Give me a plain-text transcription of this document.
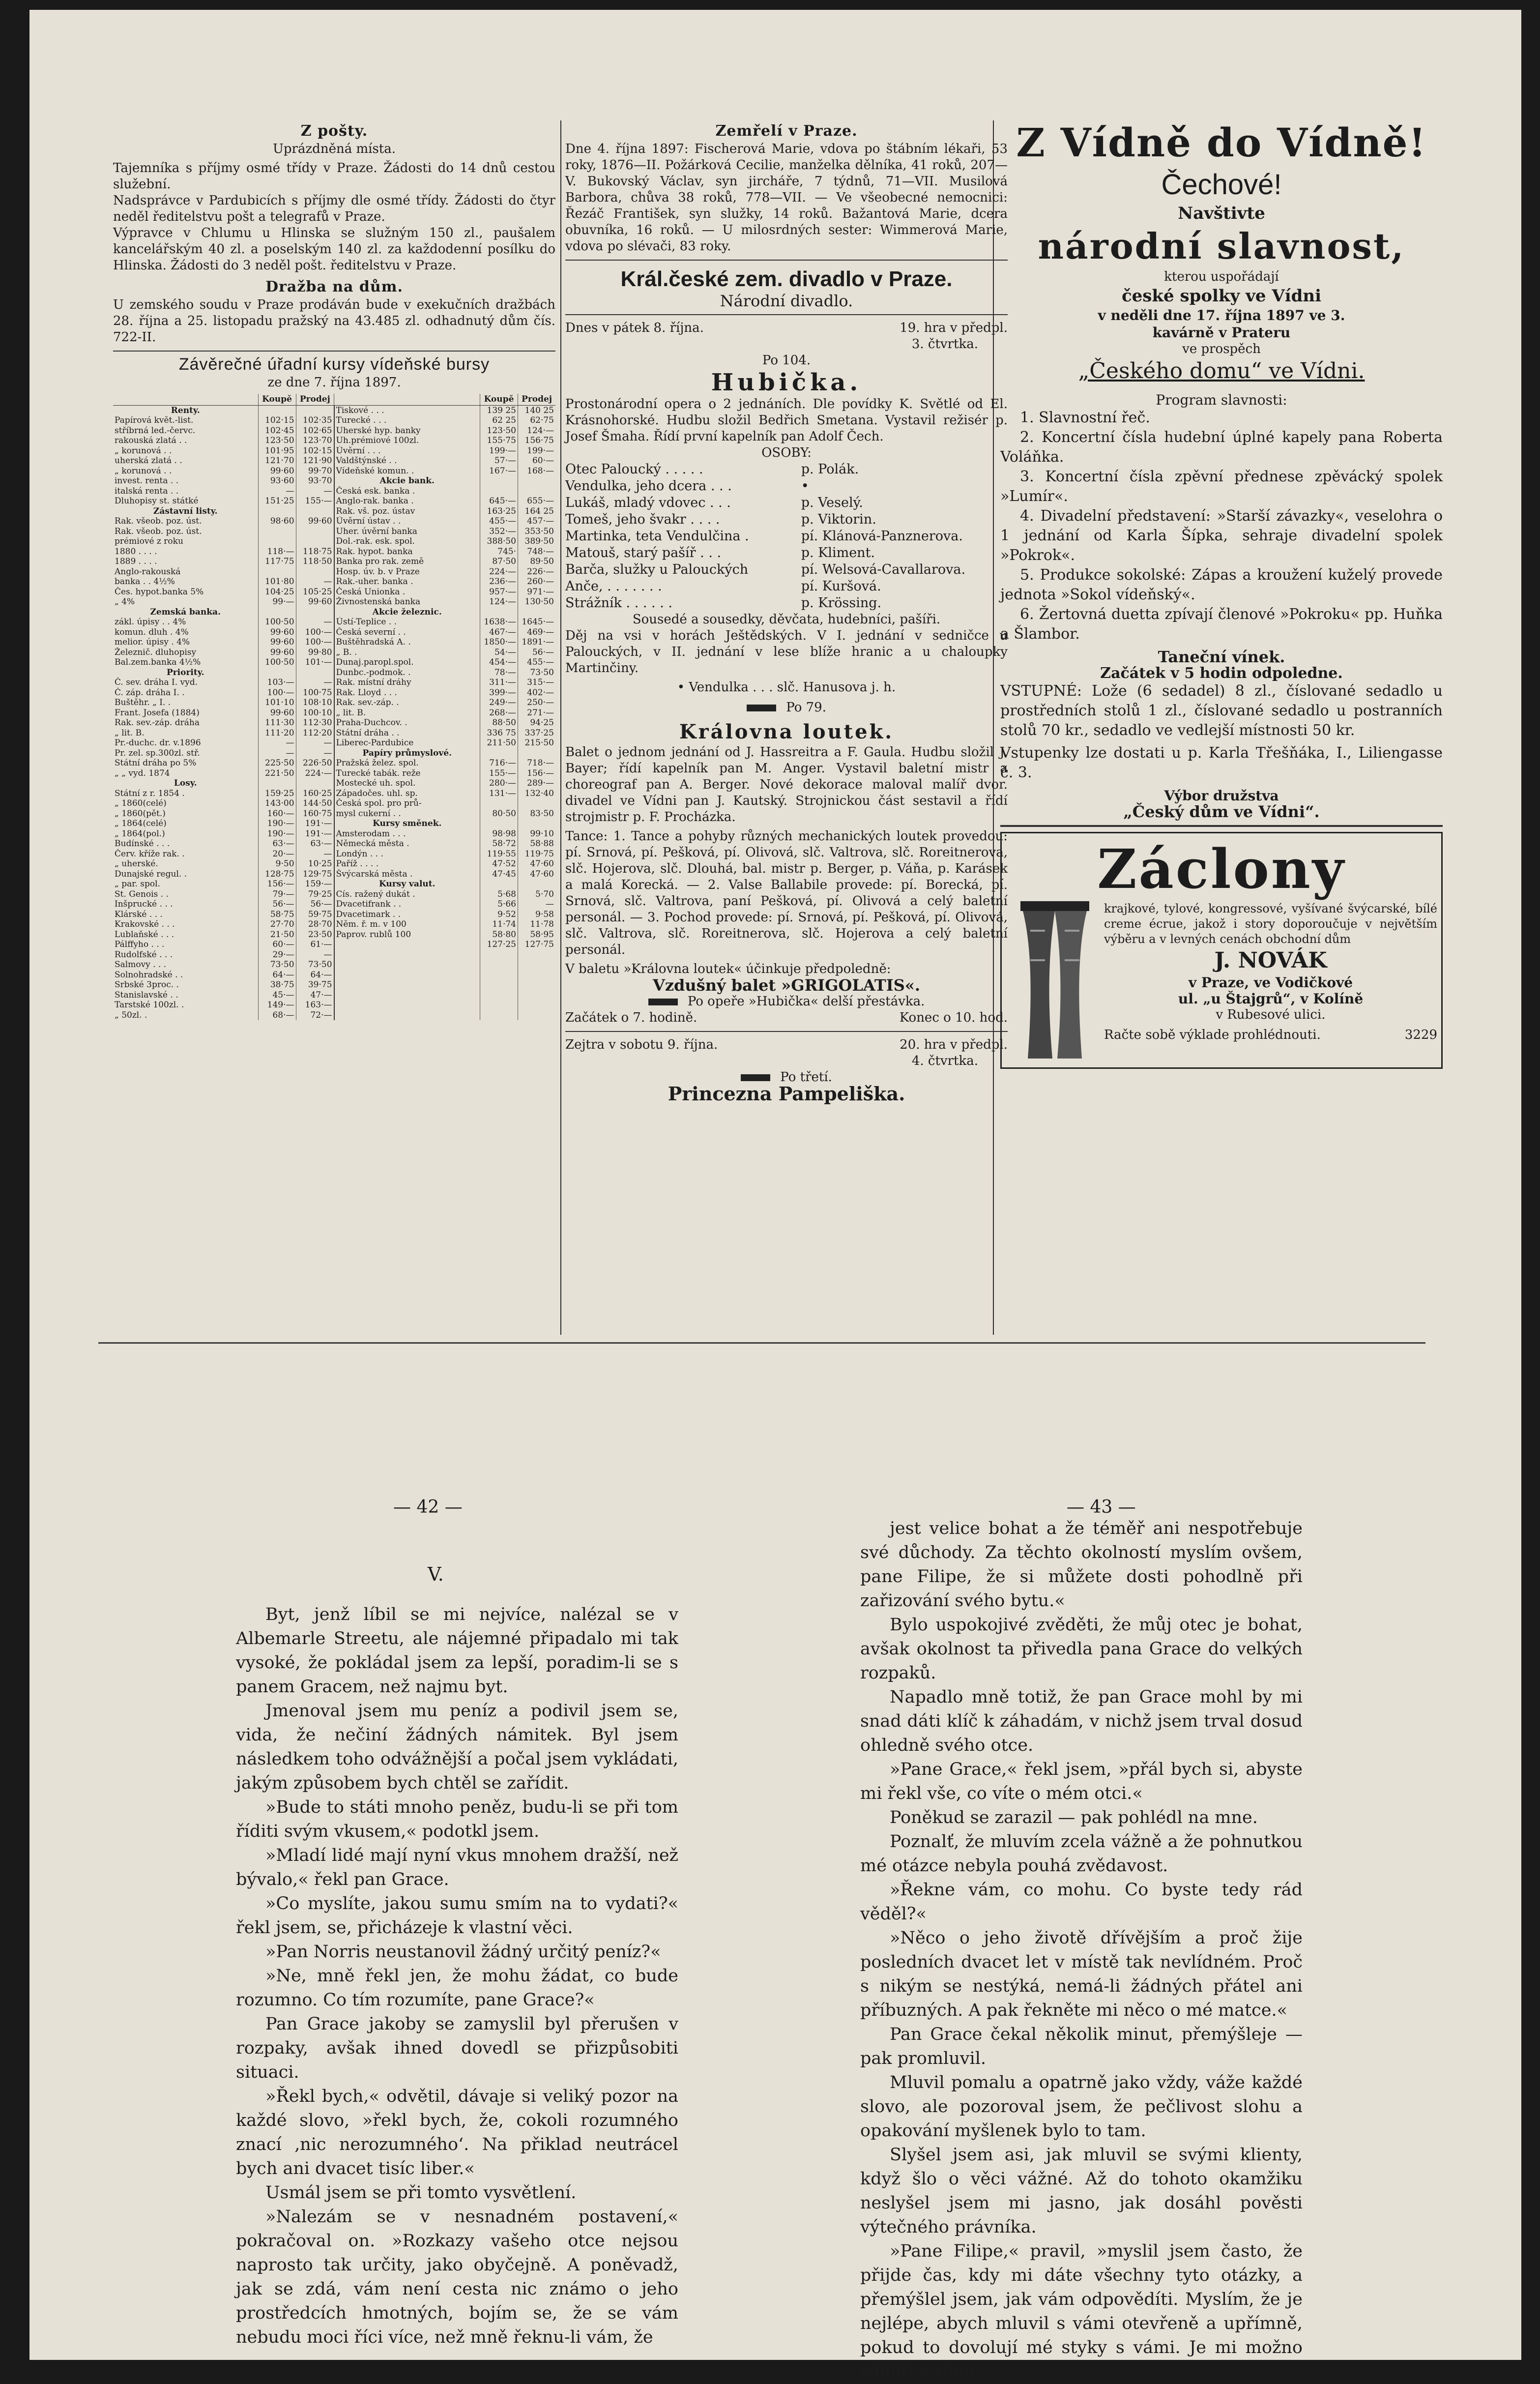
Z pošty.
Uprázdněná místa.

Tajemníka s příjmy osmé třídy v Praze. Žádosti do 14 dnů cestou služební.

Nadsprávce v Pardubicích s příjmy dle osmé třídy. Žádosti do čtyr neděl ředitelstvu pošt a telegrafů v Praze.

Výpravce v Chlumu u Hlinska se služným 150 zl., paušalem kancelářským 40 zl. a poselským 140 zl. za každodenní posílku do Hlinska. Žádosti do 3 neděl pošt. ředitelstvu v Praze.

Dražba na dům.

U zemského soudu v Praze prodáván bude v exekučních dražbách 28. října a 25. listopadu pražský na 43.485 zl. odhadnutý dům čís. 722-II.

Závěrečné úřadní kursy vídeňské bursy
ze dne 7. října 1897.
	Koupě	Prodej		Koupě	Prodej
Renty.			Tiskové . . .	139 25	140 25
Papírová květ.-list.	102·15	102·35	Turecké . . .	62 25	62·75
stříbrná led.-červc.	102·45	102·65	Uherské hyp. banky	123·50	124·—
rakouská zlatá . .	123·50	123·70	Uh.prémiové 100zl.	155·75	156·75
„ korunová . .	101·95	102·15	Úvěrní . . .	199·—	199·—
uherská zlatá . .	121·70	121·90	Valdštýnské . .	57·—	60·—
„ korunová . .	99·60	99·70	Vídeňské komun. .	167·—	168·—
invest. renta . .	93·60	93·70	Akcie bank.		
italská renta . .	—	—	Česká esk. banka .		
Dluhopisy st. státké	151·25	155·—	Anglo-rak. banka .	645·—	655·—
Zástavní listy.			Rak. vš. poz. ústav	163·25	164 25
Rak. všeob. poz. úst.	98·60	99·60	Úvěrní ústav . .	455·—	457·—
Rak. všeob. poz. úst.			Uher. úvěrní banka	352·—	353·50
prémiové z roku			Dol.-rak. esk. spol.	388·50	389·50
1880 . . . .	118·—	118·75	Rak. hypot. banka	745·	748·—
1889 . . . .	117·75	118·50	Banka pro rak. země	87·50	89·50
Anglo-rakouská			Hosp. úv. b. v Praze	224·—	226·—
banka . . 4½%	101·80	—	Rak.-uher. banka .	236·—	260·—
Čes. hypot.banka 5%	104·25	105·25	Česká Unionka .	957·—	971·—
„ 4%	99·—	99·60	Živnostenská banka	124·—	130·50
Zemská banka.			Akcie železnic.		
zákl. úpisy . . 4%	100·50	—	Ústí-Teplice . .	1638·—	1645·—
komun. dluh . 4%	99·60	100·—	Česká severní . .	467·—	469·—
melior. úpisy . 4%	99·60	100·—	Buštěhradská A. .	1850·—	1891·—
Železnič. dluhopisy	99·60	99·80	„ B. .	54·—	56·—
Bal.zem.banka 4½%	100·50	101·—	Dunaj.paropl.spol.	454·—	455·—
Priority.			Dunbc.-podmok. .	78·—	73·50
Č. sev. dráha I. vyd.	103·—	—	Rak. místní dráhy	311·—	315·—
Č. záp. dráha I. .	100·—	100·75	Rak. Lloyd . . .	399·—	402·—
Buštěhr. „ I. .	101·10	108·10	Rak. sev.-záp. .	249·—	250·—
Frant. Josefa (1884)	99·60	100·10	„ lit. B.	268·—	271·—
Rak. sev.-záp. dráha	111·30	112·30	Praha-Duchcov. .	88·50	94·25
„ lit. B.	111·20	112·20	Státní dráha . .	336 75	337·25
Pr.-duchc. dr. v.1896	—	—	Liberec-Pardubice	211·50	215·50
Pr. zel. sp.300zl. stř.	—	—	Papíry průmyslové.		
Státní dráha po 5%	225·50	226·50	Pražská želez. spol.	716·—	718·—
„ „ vyd. 1874	221·50	224·—	Turecké tabák. reže	155·—	156·—
Losy.			Mostecké uh. spol.	280·—	289·—
Státní z r. 1854 .	159·25	160·25	Západočes. uhl. sp.	131·—	132·40
„ 1860(celé)	143·00	144·50	Česká spol. pro prů-		
„ 1860(pět.)	160·—	160·75	mysl cukerní . .	80·50	83·50
„ 1864(celé)	190·—	191·—	Kursy směnek.		
„ 1864(pol.)	190·—	191·—	Amsterodam . . .	98·98	99·10
Budínské . . .	63·—	63·—	Německá města .	58·72	58·88
Červ. kříže rak. .	20·—	—	Londýn . . .	119·55	119·75
„ uherské.	9·50	10·25	Paříž . . . .	47·52	47·60
Dunajské regul. .	128·75	129·75	Švýcarská města .	47·45	47·60
„ par. spol.	156·—	159·—	Kursy valut.		
St. Genois . .	79·—	79·25	Cís. ražený dukát .	5·68	5·70
Inšprucké . . .	56·—	56·—	Dvacetifrank . .	5·66	—
Klárské . . .	58·75	59·75	Dvacetimark . .	9·52	9·58
Krakovské . . .	27·70	28·70	Něm. ř. m. v 100	11·74	11·78
Lublaňské . . .	21·50	23·50	Paprov. rublů 100	58·80	58·95
Pálffyho . . .	60·—	61·—		127·25	127·75
Rudolfské . . .	29·—	—			
Salmovy . . .	73·50	73·50			
Solnohradské . .	64·—	64·—			
Srbské 3proc. .	38·75	39·75			
Stanislavské . .	45·—	47·—			
Tarstské 100zl. .	149·—	163·—			
„ 50zl. .	68·—	72·—			
Zemřelí v Praze.

Dne 4. října 1897: Fischerová Marie, vdova po štábním lékaři, 53 roky, 1876—II. Požárková Cecilie, manželka dělníka, 41 roků, 207—V. Bukovský Václav, syn jircháře, 7 týdnů, 71—VII. Musilová Barbora, chůva 38 roků, 778—VII. — Ve všeobecné nemocnici: Řezáč František, syn služky, 14 roků. Bažantová Marie, dcera obuvníka, 16 roků. — U milosrdných sester: Wimmerová Marie, vdova po slévači, 83 roky.

Král.české zem. divadlo v Praze.
Národní divadlo.
Dnes v pátek 8. října.	19. hra v předpl.
3. čtvrtka.
Po 104.
Hubička.

Prostonárodní opera o 2 jednáních. Dle povídky K. Světlé od El. Krásnohorské. Hudbu složil Bedřich Smetana. Vystavil režisér p. Josef Šmaha. Řídí první kapelník pan Adolf Čech.

OSOBY:
Otec Paloucký . . . . .	p. Polák.
Vendulka, jeho dcera . . .	•
Lukáš, mladý vdovec . . .	p. Veselý.
Tomeš, jeho švakr . . . .	p. Viktorin.
Martinka, teta Vendulčina .	pí. Klánová-Panznerova.
Matouš, starý pašíř . . .	p. Kliment.
Barča, služky u Palouckých	pí. Welsová-Cavallarova.
Anče, . . . . . . .	pí. Kuršová.
Strážník . . . . . .	p. Krössing.

Sousedé a sousedky, děvčata, hudebníci, pašíři.

Děj na vsi v horách Ještědských. V I. jednání v sedničce u Palouckých, v II. jednání v lese blíže hranic a u chaloupky Martinčiny.

• Vendulka . . . slč. Hanusova j. h.

Po 79.
Královna loutek.

Balet o jednom jednání od J. Hassreitra a F. Gaula. Hudbu složil J. Bayer; řídí kapelník pan M. Anger. Vystavil baletní mistr a choreograf pan A. Berger. Nové dekorace maloval malíř dvor. divadel ve Vídni pan J. Kautský. Strojnickou část sestavil a řídí strojmistr p. F. Procházka.

Tance: 1. Tance a pohyby různých mechanických loutek provedou: pí. Srnová, pí. Pešková, pí. Olivová, slč. Valtrova, slč. Roreitnerova, slč. Hojerova, slč. Dlouhá, bal. mistr p. Berger, p. Váňa, p. Karásek a malá Korecká. — 2. Valse Ballabile provede: pí. Borecká, pí. Srnová, slč. Valtrova, paní Pešková, pí. Olivová a celý baletní personál. — 3. Pochod provede: pí. Srnová, pí. Pešková, pí. Olivová, slč. Valtrova, slč. Roreitnerova, slč. Hojerova a celý baletní personál.

V baletu »Královna loutek« účinkuje předpoledně:

Vzdušný balet »GRIGOLATIS«.
Po opeře »Hubička« delší přestávka.
Začátek o 7. hodině.	Konec o 10. hod.
Zejtra v sobotu 9. října.	20. hra v předpl.
4. čtvrtka.
Po třetí.
Princezna Pampeliška.
Z Vídně do Vídně!
Čechové!
Navštivte
národní slavnost,
kterou uspořádají
české spolky ve Vídni
v neděli dne 17. října 1897 ve 3.
kavárně v Prateru
ve prospěch
„Českého domu“ ve Vídni.
Program slavnosti:

1. Slavnostní řeč.

2. Koncertní čísla hudební úplné kapely pana Roberta Voláňka.

3. Koncertní čísla zpěvní přednese zpěvácký spolek »Lumír«.

4. Divadelní představení: »Starší závazky«, veselohra o 1 jednání od Karla Šípka, sehraje divadelní spolek »Pokrok«.

5. Produkce sokolské: Zápas a kroužení kuželý provede jednota »Sokol vídeňský«.

6. Žertovná duetta zpívají členové »Pokroku« pp. Huňka a Šlambor.

Taneční vínek.
Začátek v 5 hodin odpoledne.

VSTUPNÉ: Lože (6 sedadel) 8 zl., číslované sedadlo u prostředních stolů 1 zl., číslované sedadlo u postranních stolů 70 kr., sedadlo ve vedlejší místnosti 50 kr.

Vstupenky lze dostati u p. Karla Třešňáka, I., Liliengasse č. 3.

Výbor družstva
„Český dům ve Vídni“.
Záclony

krajkové, tylové, kongressové, vyšívané švýcarské, bílé creme écrue, jakož i story doporoučuje v největším výběru a v levných cenách obchodní dům

J. NOVÁK
v Praze, ve Vodičkové
ul. „u Štajgrů“, v Kolíně
v Rubesové ulici.
Račte sobě výklade prohlédnouti.	3229
— 42 —	— 43 —
V.

Byt, jenž líbil se mi nejvíce, nalézal se v Albemarle Streetu, ale nájemné připadalo mi tak vysoké, že pokládal jsem za lepší, poradim-li se s panem Gracem, než najmu byt.

Jmenoval jsem mu peníz a podivil jsem se, vida, že nečiní žádných námitek. Byl jsem následkem toho odvážnější a počal jsem vykládati, jakým způsobem bych chtěl se zařídit.

»Bude to státi mnoho peněz, budu-li se při tom říditi svým vkusem,« podotkl jsem.

»Mladí lidé mají nyní vkus mnohem dražší, než bývalo,« řekl pan Grace.

»Co myslíte, jakou sumu smím na to vydati?« řekl jsem, se, přicházeje k vlastní věci.

»Pan Norris neustanovil žádný určitý peníz?«

»Ne, mně řekl jen, že mohu žádat, co bude rozumno. Co tím rozumíte, pane Grace?«

Pan Grace jakoby se zamyslil byl přerušen v rozpaky, avšak ihned dovedl se přizpůsobiti situaci.

»Řekl bych,« odvětil, dávaje si veliký pozor na každé slovo, »řekl bych, že, cokoli rozumného znací ‚nic nerozumného‘. Na přiklad neutrácel bych ani dvacet tisíc liber.«

Usmál jsem se při tomto vysvětlení.

»Nalezám se v nesnadném postavení,« pokračoval on. »Rozkazy vašeho otce nejsou naprosto tak určity, jako obyčejně. A poněvadž, jak se zdá, vám není cesta nic známo o jeho prostředcích hmotných, bojím se, že se vám nebudu moci říci více, než mně řeknu-li vám, že

jest velice bohat a že téměř ani nespotřebuje své důchody. Za těchto okolností myslím ovšem, pane Filipe, že si můžete dosti pohodlně při zařizování svého bytu.«

Bylo uspokojivé zvěděti, že můj otec je bohat, avšak okolnost ta přivedla pana Grace do velkých rozpaků.

Napadlo mně totiž, že pan Grace mohl by mi snad dáti klíč k záhadám, v nichž jsem trval dosud ohledně svého otce.

»Pane Grace,« řekl jsem, »přál bych si, abyste mi řekl vše, co víte o mém otci.«

Poněkud se zarazil — pak pohlédl na mne.

Poznalť, že mluvím zcela vážně a že pohnutkou mé otázce nebyla pouhá zvědavost.

»Řekne vám, co mohu. Co byste tedy rád věděl?«

»Něco o jeho životě dřívějším a proč žije posledních dvacet let v místě tak nevlídném. Proč s nikým se nestýká, nemá-li žádných přátel ani příbuzných. A pak řekněte mi něco o mé matce.«

Pan Grace čekal několik minut, přemýšleje — pak promluvil.

Mluvil pomalu a opatrně jako vždy, váže každé slovo, ale pozoroval jsem, že pečlivost slohu a opakování myšlenek bylo to tam.

Slyšel jsem asi, jak mluvil se svými klienty, když šlo o věci vážné. Až do tohoto okamžiku neslyšel jsem mi jasno, jak dosáhl pověsti výtečného právníka.

»Pane Filipe,« pravil, »myslil jsem často, že přijde čas, kdy mi dáte všechny tyto otázky, a přemýšlel jsem, jak vám odpovědíti. Myslím, že je nejlépe, abych mluvil s vámi otevřeně a upřímně, pokud to dovolují mé styky s vámi. Je mi možno sděliti s vámi
